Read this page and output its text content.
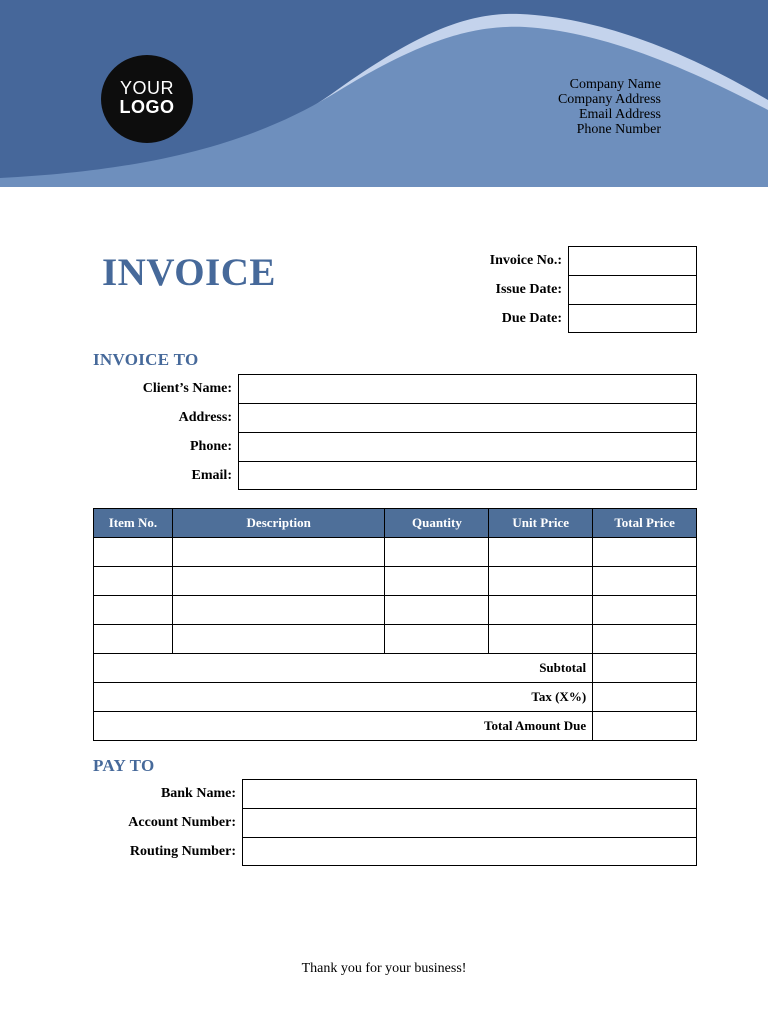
YOUR
LOGO
Company Name
Company Address
Email Address
Phone Number
INVOICE	Invoice No.:
Issue Date:
Due Date:
INVOICE TO
Client’s Name:
Address:
Phone:
Email:
Item No.	Description	Quantity	Unit Price	Total Price

Subtotal				
Tax (X%)				
Total Amount Due				
PAY TO
Bank Name:
Account Number:
Routing Number:
Thank you for your business!
